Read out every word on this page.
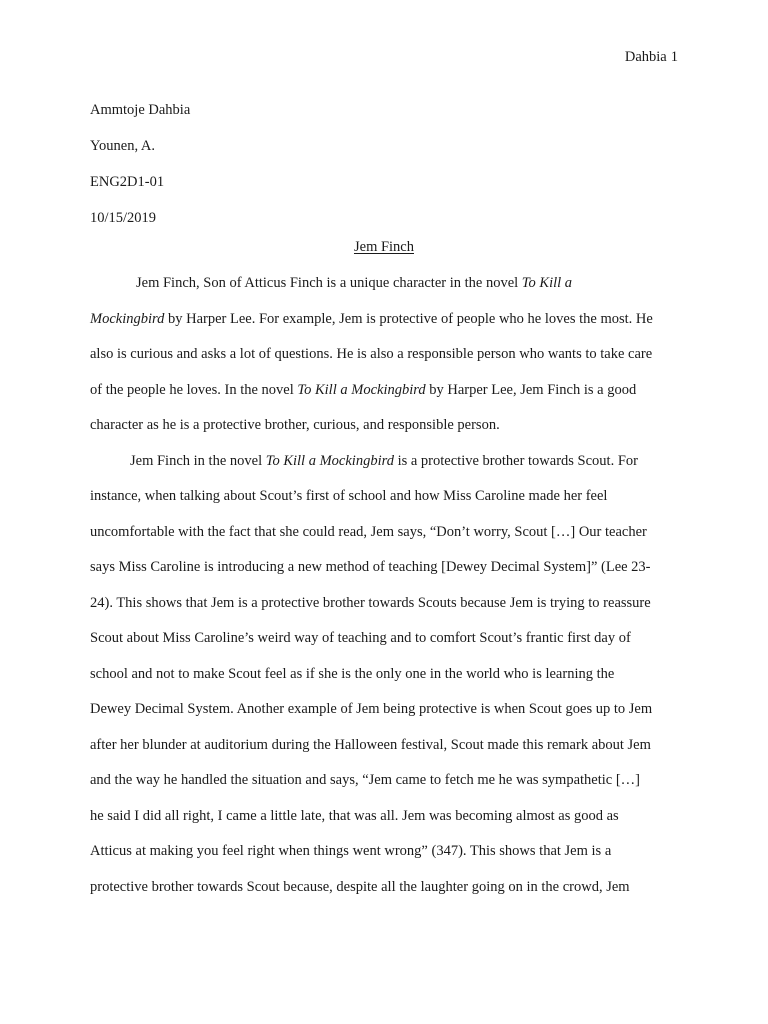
Dahbia 1
Ammtoje Dahbia
Younen, A.
ENG2D1-01
10/15/2019
Jem Finch
Jem Finch, Son of Atticus Finch is a unique character in the novel To Kill a
Mockingbird by Harper Lee. For example, Jem is protective of people who he loves the most. He
also is curious and asks a lot of questions. He is also a responsible person who wants to take care
of the people he loves. In the novel To Kill a Mockingbird by Harper Lee, Jem Finch is a good
character as he is a protective brother, curious, and responsible person.
Jem Finch in the novel To Kill a Mockingbird is a protective brother towards Scout. For
instance, when talking about Scout’s first of school and how Miss Caroline made her feel
uncomfortable with the fact that she could read, Jem says, “Don’t worry, Scout […] Our teacher
says Miss Caroline is introducing a new method of teaching [Dewey Decimal System]” (Lee 23-
24). This shows that Jem is a protective brother towards Scouts because Jem is trying to reassure
Scout about Miss Caroline’s weird way of teaching and to comfort Scout’s frantic first day of
school and not to make Scout feel as if she is the only one in the world who is learning the
Dewey Decimal System. Another example of Jem being protective is when Scout goes up to Jem
after her blunder at auditorium during the Halloween festival, Scout made this remark about Jem
and the way he handled the situation and says, “Jem came to fetch me he was sympathetic […]
he said I did all right, I came a little late, that was all. Jem was becoming almost as good as
Atticus at making you feel right when things went wrong” (347). This shows that Jem is a
protective brother towards Scout because, despite all the laughter going on in the crowd, Jem
